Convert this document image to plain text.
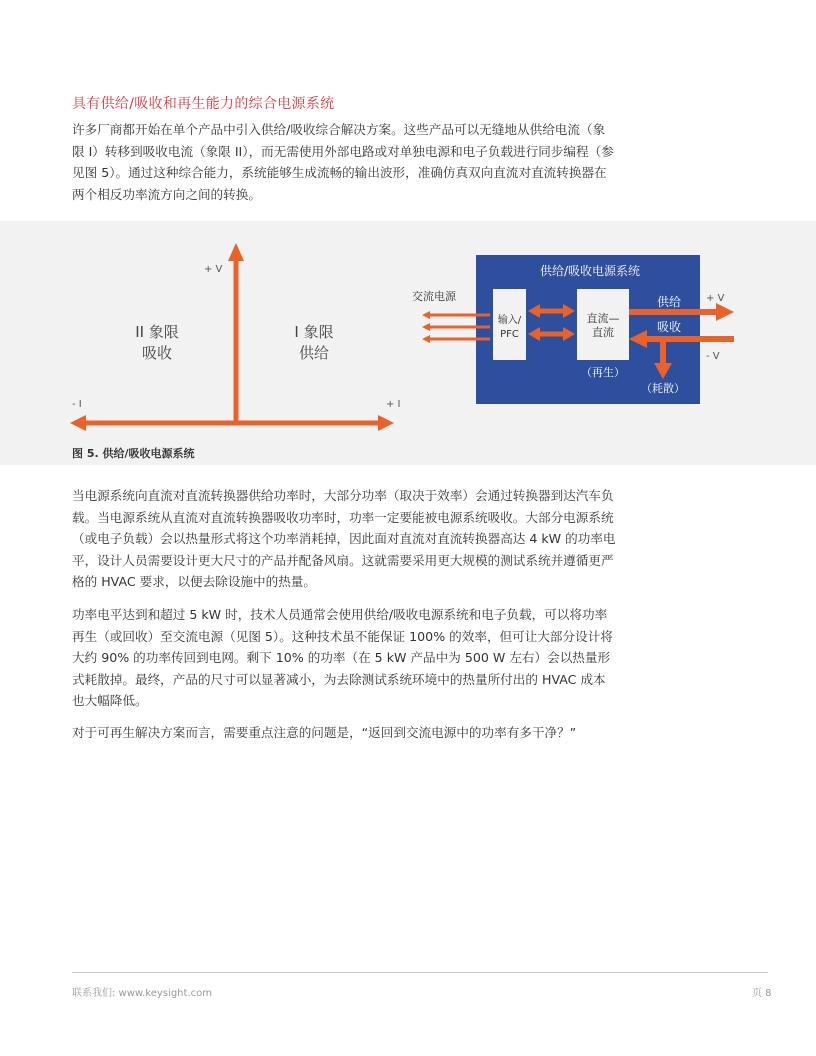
具有供给/吸收和再生能力的综合电源系统

许多厂商都开始在单个产品中引入供给/吸收综合解决方案。这些产品可以无缝地从供给电流（象限 I）转移到吸收电流（象限 II），而无需使用外部电路或对单独电源和电子负载进行同步编程（参见图 5）。通过这种综合能力，系统能够生成流畅的输出波形，准确仿真双向直流对直流转换器在两个相反功率流方向之间的转换。

+ V
- I	+ I
II 象限
吸收
I 象限
供给
供给/吸收电源系统
交流电源
输入/
PFC
直流—
直流
（再生）
供给
吸收
（耗散）
+ V
- V
图 5. 供给/吸收电源系统

当电源系统向直流对直流转换器供给功率时，大部分功率（取决于效率）会通过转换器到达汽车负载。当电源系统从直流对直流转换器吸收功率时，功率一定要能被电源系统吸收。大部分电源系统（或电子负载）会以热量形式将这个功率消耗掉，因此面对直流对直流转换器高达 4 kW 的功率电平，设计人员需要设计更大尺寸的产品并配备风扇。这就需要采用更大规模的测试系统并遵循更严格的 HVAC 要求，以便去除设施中的热量。

功率电平达到和超过 5 kW 时，技术人员通常会使用供给/吸收电源系统和电子负载，可以将功率再生（或回收）至交流电源（见图 5）。这种技术虽不能保证 100% 的效率，但可让大部分设计将大约 90% 的功率传回到电网。剩下 10% 的功率（在 5 kW 产品中为 500 W 左右）会以热量形式耗散掉。最终，产品的尺寸可以显著减小，为去除测试系统环境中的热量所付出的 HVAC 成本也大幅降低。

对于可再生解决方案而言，需要重点注意的问题是，“返回到交流电源中的功率有多干净？”

联系我们: www.keysight.com	页 8
